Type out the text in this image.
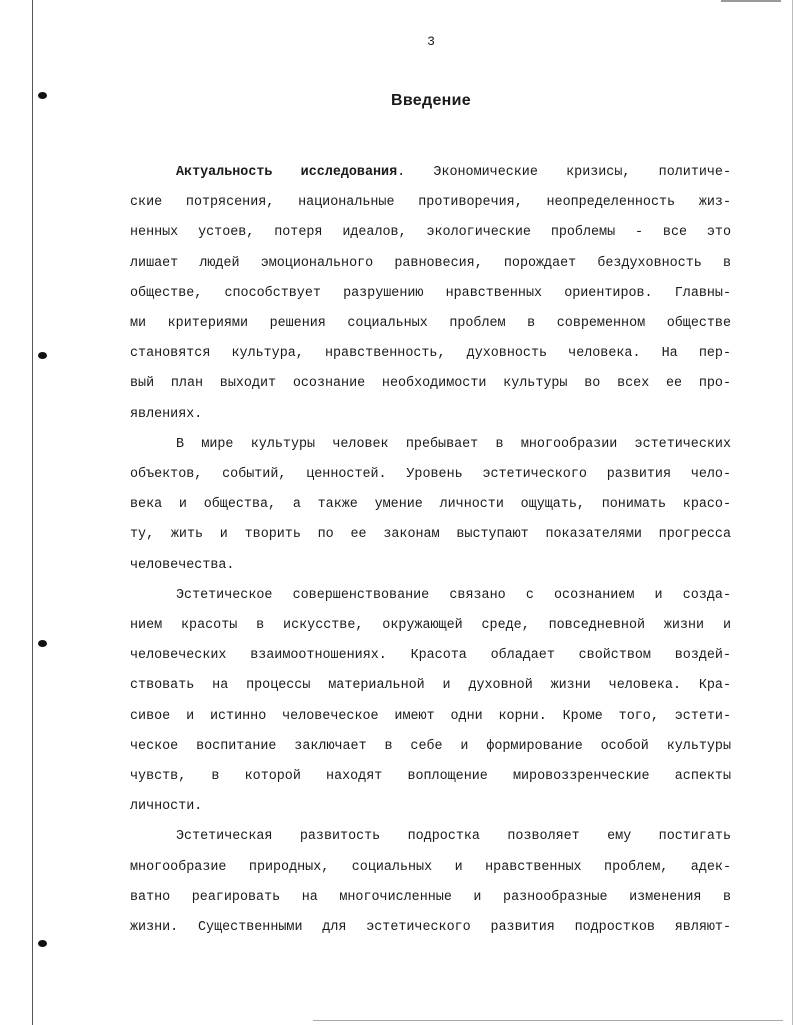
3
Введение
Актуальность исследования. Экономические кризисы, политиче-
ские потрясения, национальные противоречия, неопределенность жиз-
ненных устоев, потеря идеалов, экологические проблемы - все это
лишает людей эмоционального равновесия, порождает бездуховность в
обществе, способствует разрушению нравственных ориентиров. Главны-
ми критериями решения социальных проблем в современном обществе
становятся культура, нравственность, духовность человека. На пер-
вый план выходит осознание необходимости культуры во всех ее про-
явлениях.
В мире культуры человек пребывает в многообразии эстетических
объектов, событий, ценностей. Уровень эстетического развития чело-
века и общества, а также умение личности ощущать, понимать красо-
ту, жить и творить по ее законам выступают показателями прогресса
человечества.
Эстетическое совершенствование связано с осознанием и созда-
нием красоты в искусстве, окружающей среде, повседневной жизни и
человеческих взаимоотношениях. Красота обладает свойством воздей-
ствовать на процессы материальной и духовной жизни человека. Кра-
сивое и истинно человеческое имеют одни корни. Кроме того, эстети-
ческое воспитание заключает в себе и формирование особой культуры
чувств, в которой находят воплощение мировоззренческие аспекты
личности.
Эстетическая развитость подростка позволяет ему постигать
многообразие природных, социальных и нравственных проблем, адек-
ватно реагировать на многочисленные и разнообразные изменения в
жизни. Существенными для эстетического развития подростков являют-
